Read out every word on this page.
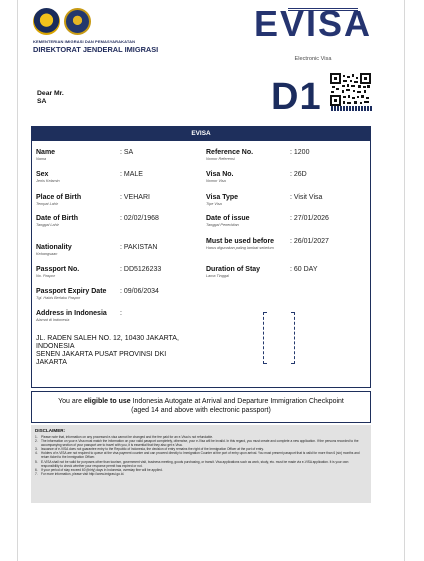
KEMENTERIAN IMIGRASI DAN PEMASYARAKATAN
DIREKTORAT JENDERAL IMIGRASI
EVISA
Electronic Visa
Dear Mr.
SA	D1
EVISA
Name
Nama
: SA
Sex
Jenis Kelamin
: MALE
Place of Birth
Tempat Lahir
: VEHARI
Date of Birth
Tanggal Lahir
: 02/02/1968
Nationality
Kebangsaan
: PAKISTAN
Passport No.
No. Paspor
: DD5126233
Passport Expiry Date
Tgl. Habis Berlaku Paspor
: 09/06/2034
Address in Indonesia
Alamat di Indonesia
:
JL. RADEN SALEH NO. 12, 10430 JAKARTA,
INDONESIA
SENEN JAKARTA PUSAT PROVINSI DKI
JAKARTA
Reference No.
Nomor Referensi
: 1200
Visa No.
Nomor Visa
: 26D
Visa Type
Tipe Visa
: Visit Visa
Date of issue
Tanggal Penerbitan
: 27/01/2026
Must be used before
Harus digunakan paling lambat sebelum
: 26/01/2027
Duration of Stay
Lama Tinggal
: 60 DAY
You are eligible to use Indonesia Autogate at Arrival and Departure Immigration Checkpoint
(aged 14 and above with electronic passport)
DISCLAIMER:
1.	Please note that, information on any processed e-visa cannot be changed and the fee paid for an e-Visa is not refundable.
2.	The information on your e-Visa must match the information on your valid passport completely, otherwise, your e-Visa will be invalid. In this regard, you must create and complete a new application. If the persons recorded to the accompanying section of your passport are to travel with you, it is essential that they also get e-Visa.
3.	Issuance of e-VISA does not guarantee entry to the Republic of Indonesia, the decision of entry remains the right of the Immigration Officer at the port of entry.
4.	Holders of e-VISA are not required to queue at the visa payment counter and can proceed directly to Immigration Counter at the port of entry upon arrival. You must present passport that is valid for more than 6 (six) months and return ticket to the Immigration Officer.
5.	E-VISA shall not be valid for purposes other than tourism, government visit, business meeting, goods purchasing, or transit. Visa applications such as work, study, etc. must be made via e-VISA application. It is your own responsibility to check whether your response permit has expired or not.
6.	If your period of stay exceed 60 (thirty) days in Indonesia, overstay fine will be applied.
7.	For more information, please visit http://www.imigrasi.go.id.
